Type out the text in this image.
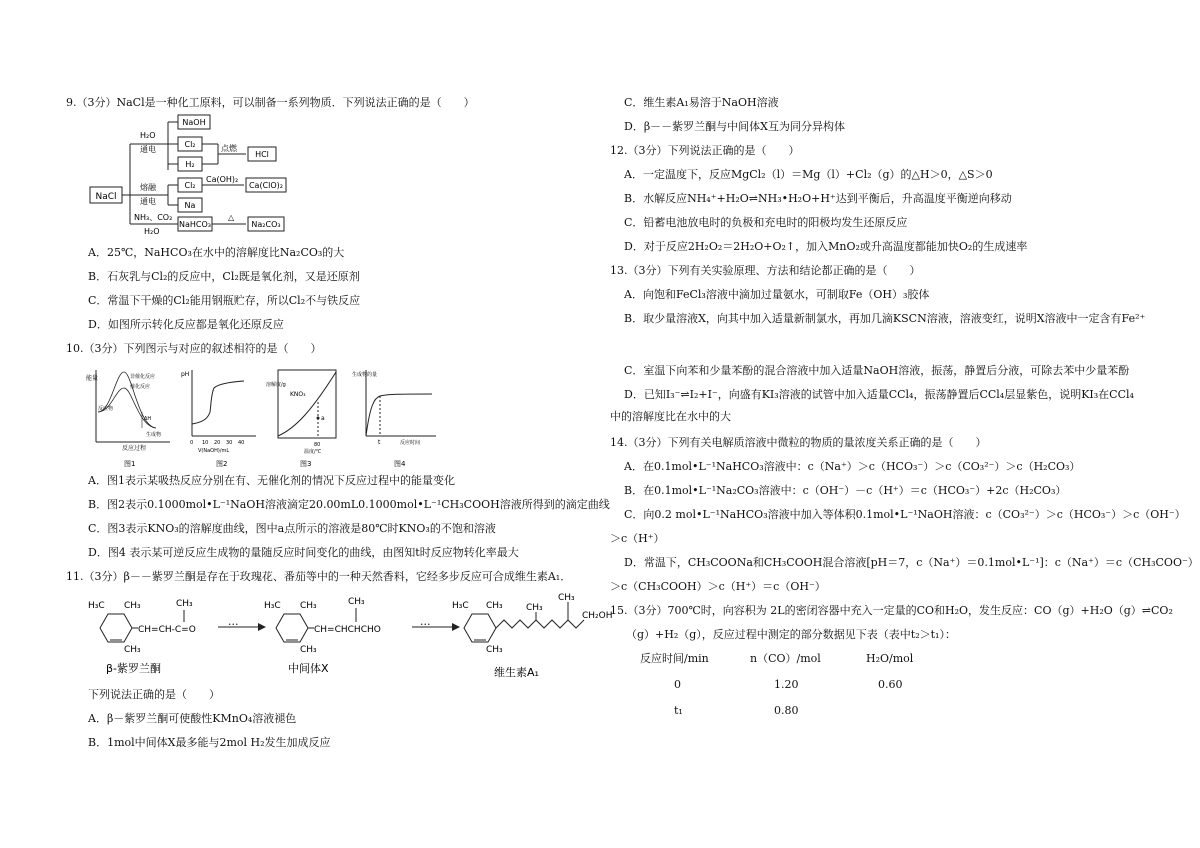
9.（3分）NaCl是一种化工原料，可以制备一系列物质．下列说法正确的是（　　）
NaCl
H₂O
通电
NaOH
Cl₂
H₂
点燃
HCl
熔融
通电
Cl₂
Ca(OH)₂
Ca(ClO)₂
Na
NH₃、CO₂
H₂O
NaHCO₃
△
Na₂CO₃
A．25℃，NaHCO₃在水中的溶解度比Na₂CO₃的大
B．石灰乳与Cl₂的反应中，Cl₂既是氧化剂，又是还原剂
C．常温下干燥的Cl₂能用钢瓶贮存，所以Cl₂不与铁反应
D．如图所示转化反应都是氧化还原反应
10.（3分）下列图示与对应的叙述相符的是（　　）
能量	非催化反应
催化反应
反应物
ΔH
生成物
反应过程
图1
pH
0 10 20 30 40
V(NaOH)/mL
图2
溶解度/g
KNO₃
a
80
温度/℃
图3
生成物的量
t	反应时间
图4
A．图1表示某吸热反应分别在有、无催化剂的情况下反应过程中的能量变化
B．图2表示0.1000mol•L⁻¹NaOH溶液滴定20.00mL0.1000mol•L⁻¹CH₃COOH溶液所得到的滴定曲线
C．图3表示KNO₃的溶解度曲线，图中a点所示的溶液是80℃时KNO₃的不饱和溶液
D．图4 表示某可逆反应生成物的量随反应时间变化的曲线，由图知t时反应物转化率最大
11.（3分）β－－紫罗兰酮是存在于玫瑰花、番茄等中的一种天然香料，它经多步反应可合成维生素A₁．
H₃C CH₃	CH₃
CH=CH-C=O
CH₃
β-紫罗兰酮
···
H₃C CH₃	CH₃
CH=CHCHCHO
CH₃
中间体X
···
H₃C CH₃	CH₃
CH₃
CH₂OH
CH₃
维生素A₁
下列说法正确的是（　　）
A．β－紫罗兰酮可使酸性KMnO₄溶液褪色
B．1mol中间体X最多能与2mol H₂发生加成反应
C．维生素A₁易溶于NaOH溶液
D．β－－紫罗兰酮与中间体X互为同分异构体
12.（3分）下列说法正确的是（　　）
A．一定温度下，反应MgCl₂（l）＝Mg（l）+Cl₂（g）的△H＞0，△S＞0
B．水解反应NH₄⁺+H₂O⇌NH₃•H₂O+H⁺达到平衡后，升高温度平衡逆向移动
C．铅蓄电池放电时的负极和充电时的阳极均发生还原反应
D．对于反应2H₂O₂＝2H₂O+O₂↑，加入MnO₂或升高温度都能加快O₂的生成速率
13.（3分）下列有关实验原理、方法和结论都正确的是（　　）
A．向饱和FeCl₃溶液中滴加过量氨水，可制取Fe（OH）₃胶体
B．取少量溶液X，向其中加入适量新制氯水，再加几滴KSCN溶液，溶液变红，说明X溶液中一定含有Fe²⁺
C．室温下向苯和少量苯酚的混合溶液中加入适量NaOH溶液，振荡，静置后分液，可除去苯中少量苯酚
D．已知I₃⁻⇌I₂+I⁻，向盛有KI₃溶液的试管中加入适量CCl₄，振荡静置后CCl₄层显紫色，说明KI₃在CCl₄
中的溶解度比在水中的大
14.（3分）下列有关电解质溶液中微粒的物质的量浓度关系正确的是（　　）
A．在0.1mol•L⁻¹NaHCO₃溶液中：c（Na⁺）＞c（HCO₃⁻）＞c（CO₃²⁻）＞c（H₂CO₃）
B．在0.1mol•L⁻¹Na₂CO₃溶液中：c（OH⁻）－c（H⁺）＝c（HCO₃⁻）+2c（H₂CO₃）
C．向0.2 mol•L⁻¹NaHCO₃溶液中加入等体积0.1mol•L⁻¹NaOH溶液：c（CO₃²⁻）＞c（HCO₃⁻）＞c（OH⁻）
＞c（H⁺）
D．常温下，CH₃COONa和CH₃COOH混合溶液[pH＝7，c（Na⁺）＝0.1mol•L⁻¹]：c（Na⁺）＝c（CH₃COO⁻）
＞c（CH₃COOH）＞c（H⁺）＝c（OH⁻）
15.（3分）700℃时，向容积为 2L的密闭容器中充入一定量的CO和H₂O，发生反应：CO（g）+H₂O（g）⇌CO₂
（g）+H₂（g），反应过程中测定的部分数据见下表（表中t₂＞t₁）：
反应时间/min	n（CO）/mol	H₂O/mol
0	1.20	0.60
t₁	0.80
